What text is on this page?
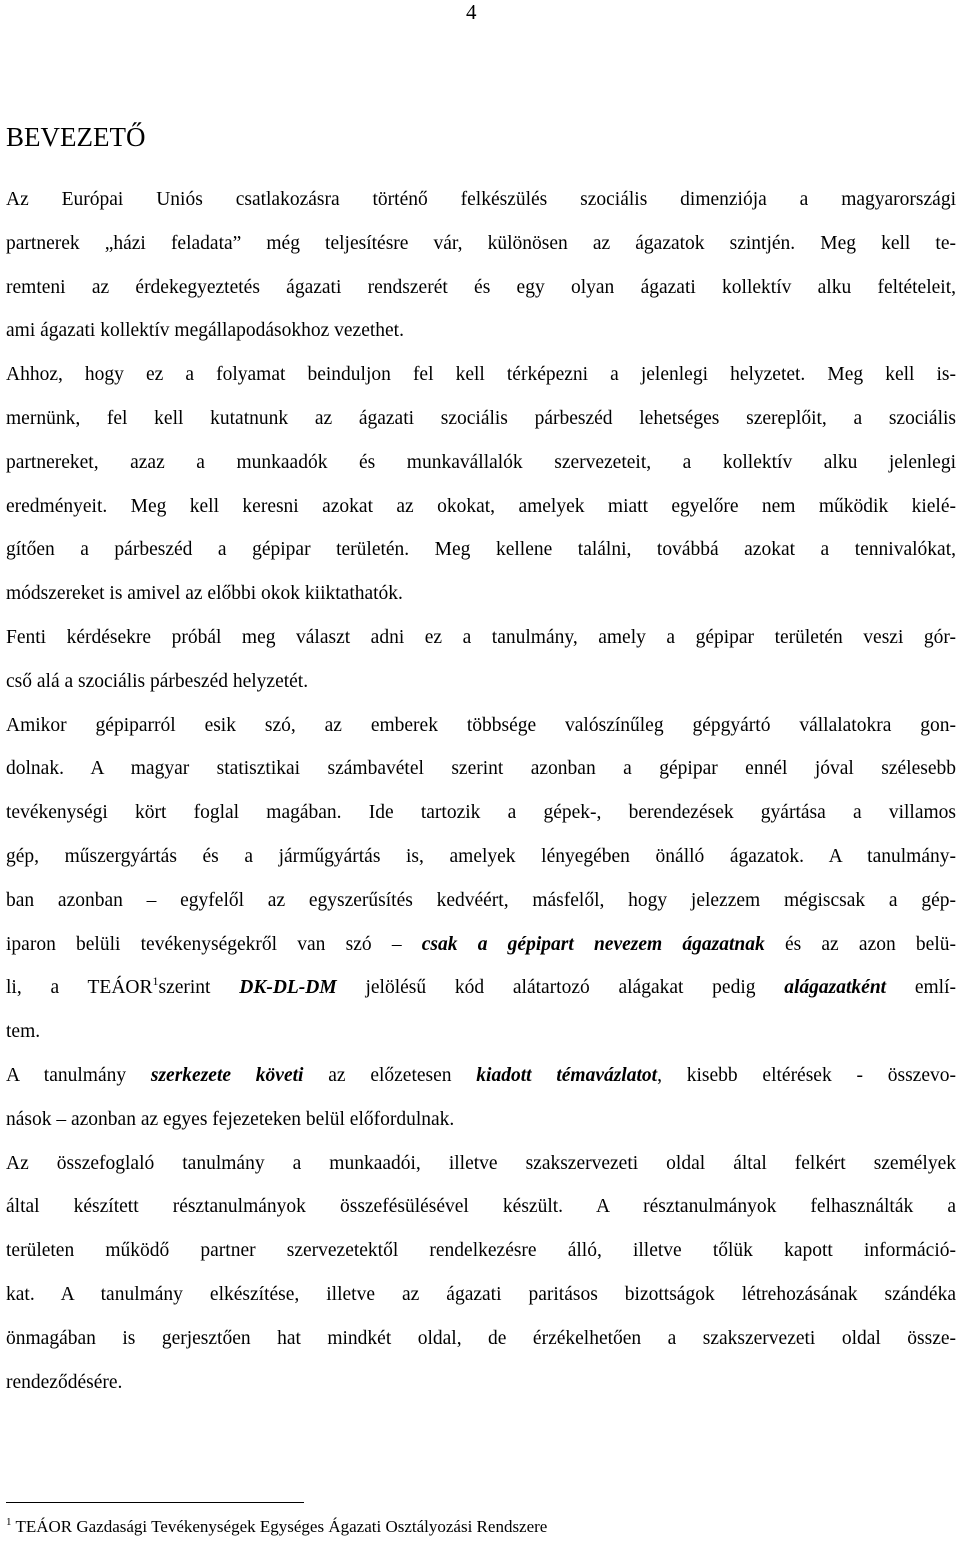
4
BEVEZETŐ
Az Európai Uniós csatlakozásra történő felkészülés szociális dimenziója a magyarországi
partnerek „házi feladata” még teljesítésre vár, különösen az ágazatok szintjén. Meg kell te-
remteni az érdekegyeztetés ágazati rendszerét és egy olyan ágazati kollektív alku feltételeit,
ami ágazati kollektív megállapodásokhoz vezethet.
Ahhoz, hogy ez a folyamat beinduljon fel kell térképezni a jelenlegi helyzetet. Meg kell is-
mernünk, fel kell kutatnunk az ágazati szociális párbeszéd lehetséges szereplőit, a szociális
partnereket, azaz a munkaadók és munkavállalók szervezeteit, a kollektív alku jelenlegi
eredményeit. Meg kell keresni azokat az okokat, amelyek miatt egyelőre nem működik kielé-
gítően a párbeszéd a gépipar területén. Meg kellene találni, továbbá azokat a tennivalókat,
módszereket is amivel az előbbi okok kiiktathatók.
Fenti kérdésekre próbál meg választ adni ez a tanulmány, amely a gépipar területén veszi gór-
cső alá a szociális párbeszéd helyzetét.
Amikor gépiparról esik szó, az emberek többsége valószínűleg gépgyártó vállalatokra gon-
dolnak. A magyar statisztikai számbavétel szerint azonban a gépipar ennél jóval szélesebb
tevékenységi kört foglal magában. Ide tartozik a gépek-, berendezések gyártása a villamos
gép, műszergyártás és a járműgyártás is, amelyek lényegében önálló ágazatok. A tanulmány-
ban azonban – egyfelől az egyszerűsítés kedvéért, másfelől, hogy jelezzem mégiscsak a gép-
iparon belüli tevékenységekről van szó – csak a gépipart nevezem ágazatnak és az azon belü-
li, a TEÁOR$^1$szerint DK-DL-DM jelölésű kód alátartozó alágakat pedig alágazatként emlí-
tem.
A tanulmány szerkezete követi az előzetesen kiadott témavázlatot, kisebb eltérések - összevo-
nások – azonban az egyes fejezeteken belül előfordulnak.
Az összefoglaló tanulmány a munkaadói, illetve szakszervezeti oldal által felkért személyek
által készített résztanulmányok összefésülésével készült. A résztanulmányok felhasználták a
területen működő partner szervezetektől rendelkezésre álló, illetve tőlük kapott információ-
kat. A tanulmány elkészítése, illetve az ágazati paritásos bizottságok létrehozásának szándéka
önmagában is gerjesztően hat mindkét oldal, de érzékelhetően a szakszervezeti oldal össze-
rendeződésére.
$^1$ TEÁOR Gazdasági Tevékenységek Egységes Ágazati Osztályozási Rendszere
